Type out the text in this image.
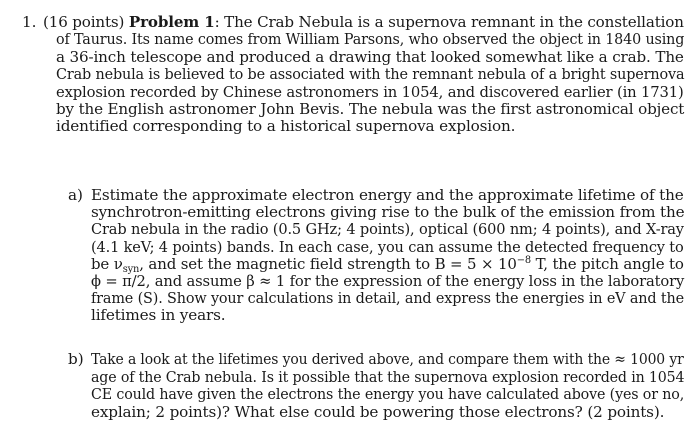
1. (16 points) Problem 1: The Crab Nebula is a supernova remnant in the constellation
of Taurus. Its name comes from William Parsons, who observed the object in 1840 using
a 36-inch telescope and produced a drawing that looked somewhat like a crab. The
Crab nebula is believed to be associated with the remnant nebula of a bright supernova
explosion recorded by Chinese astronomers in 1054, and discovered earlier (in 1731)
by the English astronomer John Bevis. The nebula was the first astronomical object
identified corresponding to a historical supernova explosion.
a) Estimate the approximate electron energy and the approximate lifetime of the
synchrotron-emitting electrons giving rise to the bulk of the emission from the
Crab nebula in the radio (0.5 GHz; 4 points), optical (600 nm; 4 points), and X-ray
(4.1 keV; 4 points) bands. In each case, you can assume the detected frequency to
be $\nu_{syn}$, and set the magnetic field strength to $B = 5 \times 10^{-8}$ T, the pitch angle to
ϕ = π/2, and assume β ≈ 1 for the expression of the energy loss in the laboratory
frame (S). Show your calculations in detail, and express the energies in eV and the
lifetimes in years.
b) Take a look at the lifetimes you derived above, and compare them with the ≈ 1000 yr
age of the Crab nebula. Is it possible that the supernova explosion recorded in 1054
CE could have given the electrons the energy you have calculated above (yes or no,
explain; 2 points)? What else could be powering those electrons? (2 points).
